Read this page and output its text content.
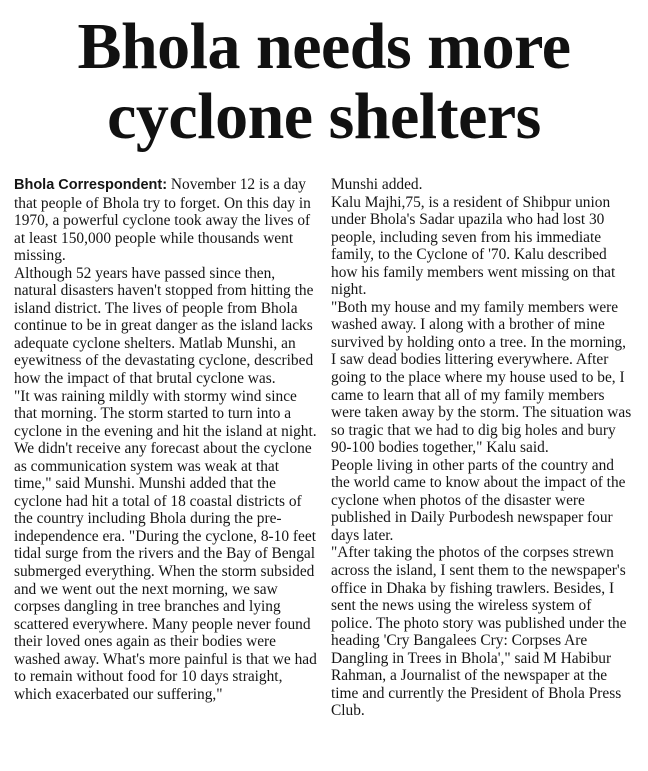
Bhola needs more
cyclone shelters

Bhola Correspondent: November 12 is a day that people of Bhola try to forget. On this day in 1970, a powerful cyclone took away the lives of at least 150,000 people while thousands went missing.

Although 52 years have passed since then, natural disasters haven't stopped from hitting the island district. The lives of people from Bhola continue to be in great danger as the island lacks adequate cyclone shelters. Matlab Munshi, an eyewitness of the devastating cyclone, described how the impact of that brutal cyclone was.

"It was raining mildly with stormy wind since that morning. The storm started to turn into a cyclone in the evening and hit the island at night. We didn't receive any forecast about the cyclone as communication system was weak at that time," said Munshi. Munshi added that the cyclone had hit a total of 18 coastal districts of the country including Bhola during the pre-independence era. "During the cyclone, 8-10 feet tidal surge from the rivers and the Bay of Bengal submerged everything. When the storm subsided and we went out the next morning, we saw corpses dangling in tree branches and lying scattered everywhere. Many people never found their loved ones again as their bodies were washed away. What's more painful is that we had to remain without food for 10 days straight, which exacerbated our suffering,"

Munshi added.

Kalu Majhi,75, is a resident of Shibpur union under Bhola's Sadar upazila who had lost 30 people, including seven from his immediate family, to the Cyclone of '70. Kalu described how his family members went missing on that night.

"Both my house and my family members were washed away. I along with a brother of mine survived by holding onto a tree. In the morning, I saw dead bodies littering everywhere. After going to the place where my house used to be, I came to learn that all of my family members were taken away by the storm. The situation was so tragic that we had to dig big holes and bury 90-100 bodies together," Kalu said.

People living in other parts of the country and the world came to know about the impact of the cyclone when photos of the disaster were published in Daily Purbodesh newspaper four days later.

"After taking the photos of the corpses strewn across the island, I sent them to the newspaper's office in Dhaka by fishing trawlers. Besides, I sent the news using the wireless system of police. The photo story was published under the heading 'Cry Bangalees Cry: Corpses Are Dangling in Trees in Bhola'," said M Habibur Rahman, a Journalist of the newspaper at the time and currently the President of Bhola Press Club.
